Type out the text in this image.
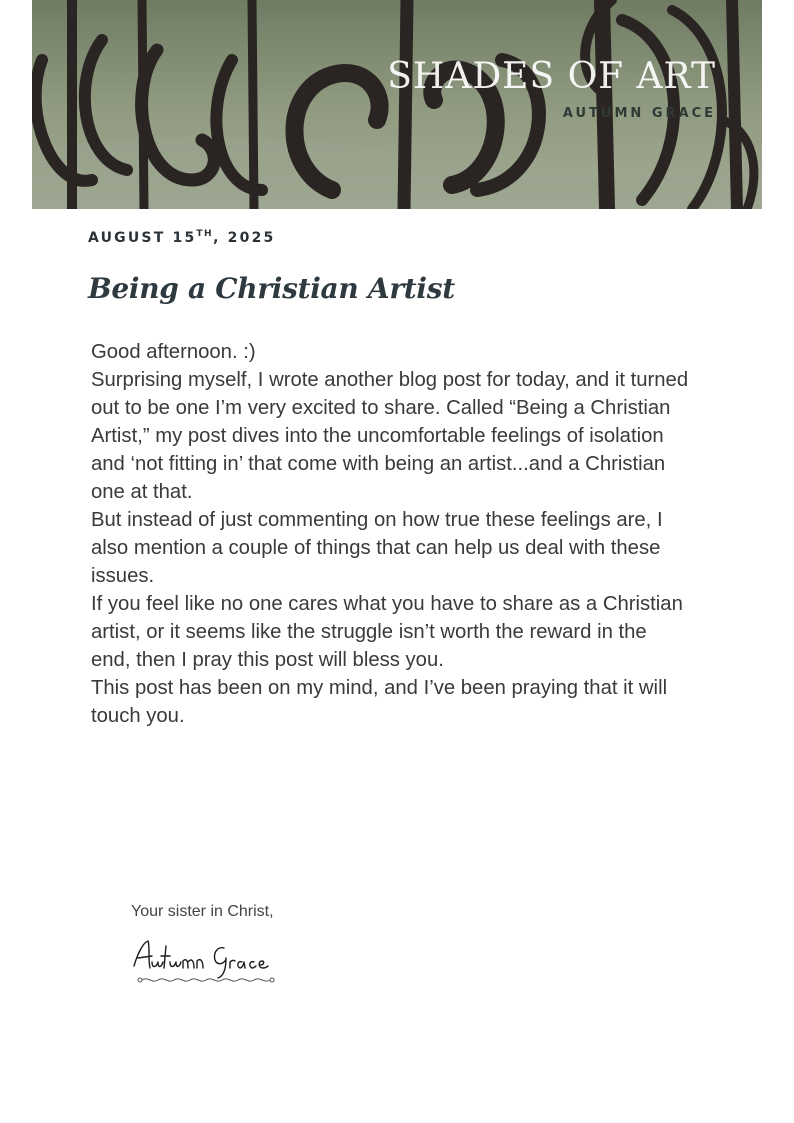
SHADES OF ART

AUTUMN GRACE

AUGUST 15TH, 2025
Being a Christian Artist

Good afternoon. :)

Surprising myself, I wrote another blog post for today, and it turned out to be one I’m very excited to share. Called “Being a Christian Artist,” my post dives into the uncomfortable feelings of isolation and ‘not fitting in’ that come with being an artist...and a Christian one at that.

But instead of just commenting on how true these feelings are, I also mention a couple of things that can help us deal with these issues.

If you feel like no one cares what you have to share as a Christian artist, or it seems like the struggle isn’t worth the reward in the end, then I pray this post will bless you.

This post has been on my mind, and I’ve been praying that it will touch you.

Your sister in Christ,
